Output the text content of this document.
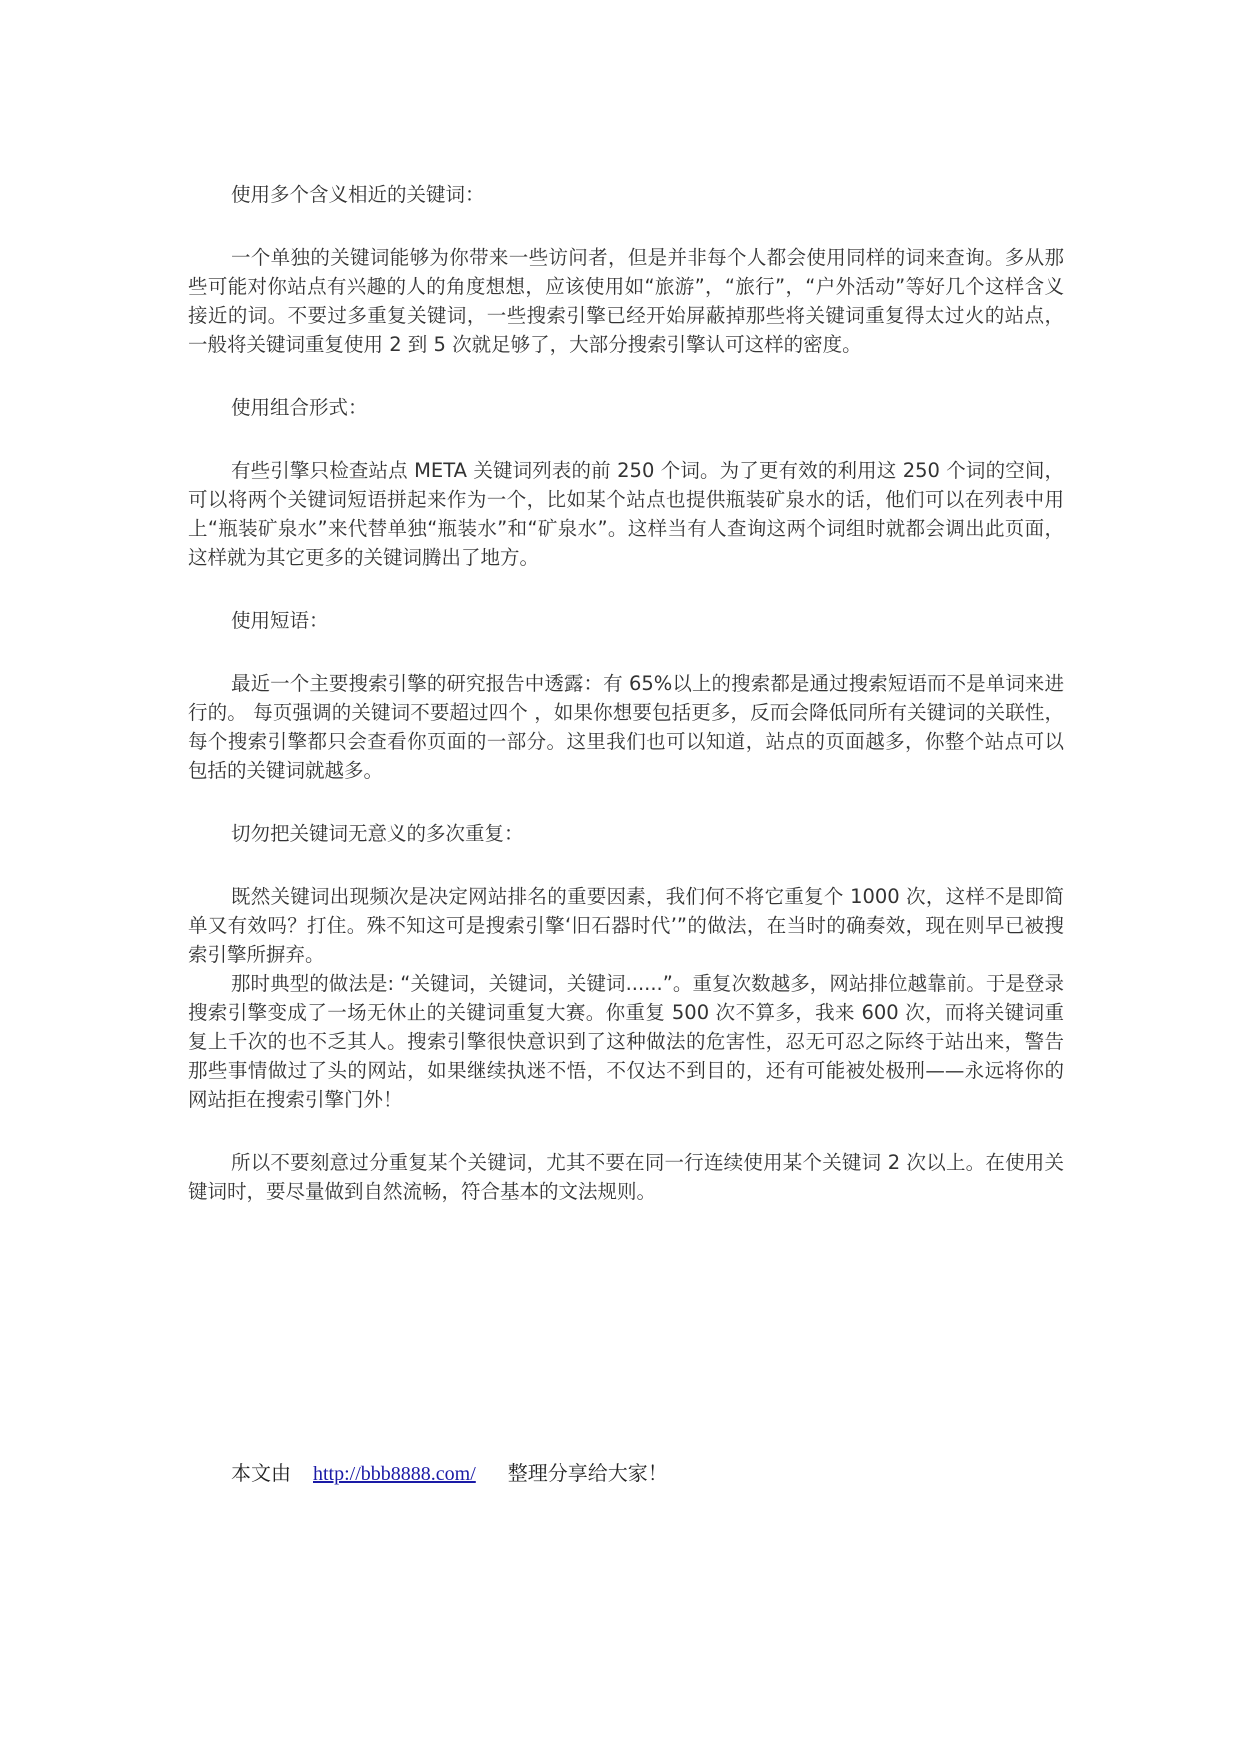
使用多个含义相近的关键词：

一个单独的关键词能够为你带来一些访问者，但是并非每个人都会使用同样的词来查询。多从那些可能对你站点有兴趣的人的角度想想，应该使用如“旅游”，“旅行”，“户外活动”等好几个这样含义接近的词。不要过多重复关键词，一些搜索引擎已经开始屏蔽掉那些将关键词重复得太过火的站点，一般将关键词重复使用 2 到 5 次就足够了，大部分搜索引擎认可这样的密度。

使用组合形式：

有些引擎只检查站点 META 关键词列表的前 250 个词。为了更有效的利用这 250 个词的空间，可以将两个关键词短语拼起来作为一个，比如某个站点也提供瓶装矿泉水的话，他们可以在列表中用上“瓶装矿泉水”来代替单独“瓶装水”和“矿泉水”。这样当有人查询这两个词组时就都会调出此页面，这样就为其它更多的关键词腾出了地方。

使用短语：

最近一个主要搜索引擎的研究报告中透露：有 65%以上的搜索都是通过搜索短语而不是单词来进行的。 每页强调的关键词不要超过四个 ，如果你想要包括更多，反而会降低同所有关键词的关联性，每个搜索引擎都只会查看你页面的一部分。这里我们也可以知道，站点的页面越多，你整个站点可以包括的关键词就越多。

切勿把关键词无意义的多次重复：

既然关键词出现频次是决定网站排名的重要因素，我们何不将它重复个 1000 次，这样不是即简单又有效吗？打住。殊不知这可是搜索引擎‘旧石器时代’”的做法，在当时的确奏效，现在则早已被搜索引擎所摒弃。

那时典型的做法是: “关键词，关键词，关键词......”。重复次数越多，网站排位越靠前。于是登录搜索引擎变成了一场无休止的关键词重复大赛。你重复 500 次不算多，我来 600 次，而将关键词重复上千次的也不乏其人。搜索引擎很快意识到了这种做法的危害性，忍无可忍之际终于站出来，警告那些事情做过了头的网站，如果继续执迷不悟，不仅达不到目的，还有可能被处极刑——永远将你的网站拒在搜索引擎门外！

所以不要刻意过分重复某个关键词，尤其不要在同一行连续使用某个关键词 2 次以上。在使用关键词时，要尽量做到自然流畅，符合基本的文法规则。

本文由 http://bbb8888.com/ 整理分享给大家！
